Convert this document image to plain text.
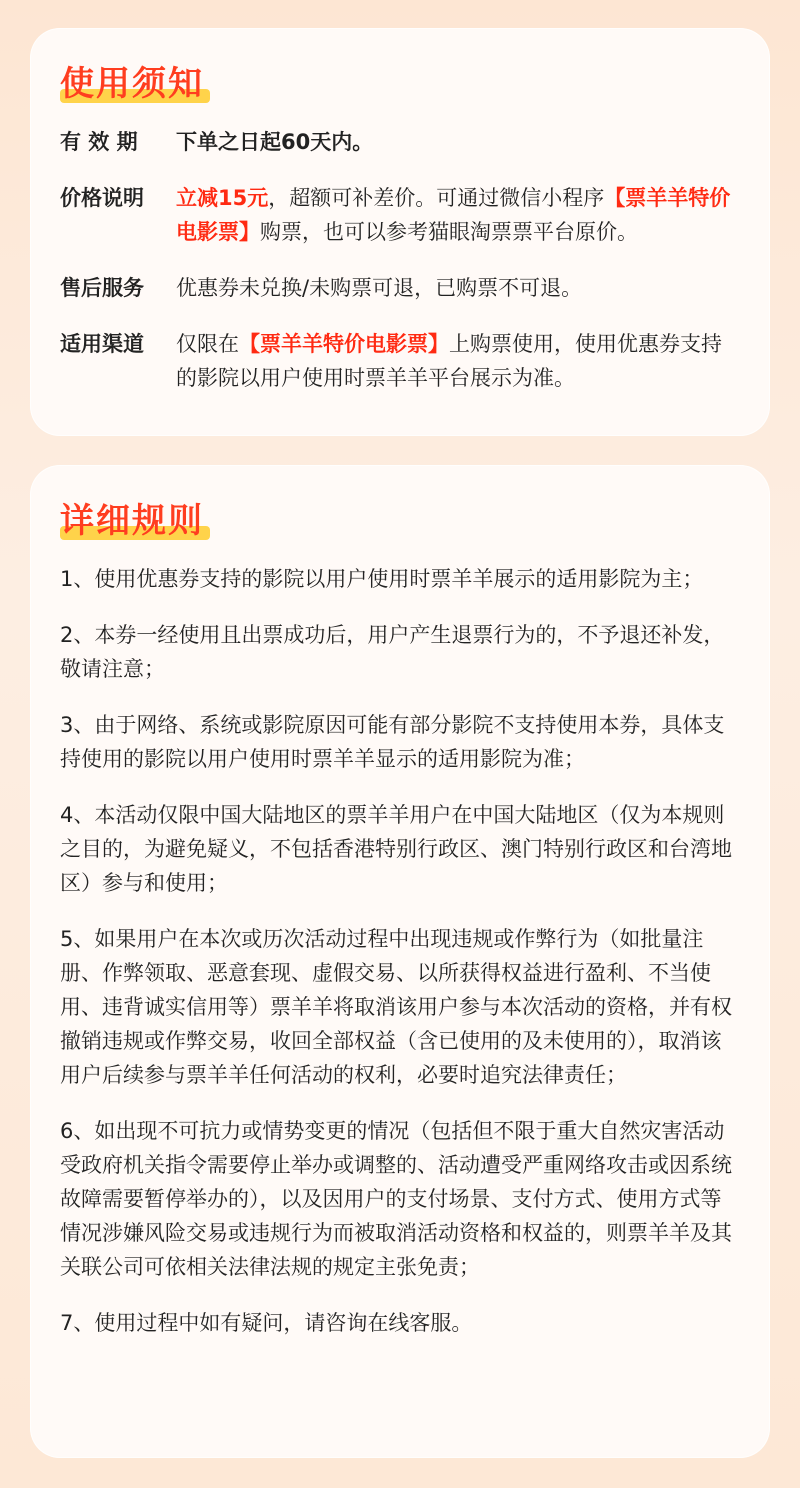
使用须知
有 效 期	下单之日起60天内。
价格说明	立减15元，超额可补差价。可通过微信小程序【票羊羊特价电影票】购票，也可以参考猫眼淘票票平台原价。
售后服务	优惠券未兑换/未购票可退，已购票不可退。
适用渠道	仅限在【票羊羊特价电影票】上购票使用，使用优惠券支持的影院以用户使用时票羊羊平台展示为准。
详细规则
1、使用优惠券支持的影院以用户使用时票羊羊展示的适用影院为主；
2、本券一经使用且出票成功后，用户产生退票行为的，不予退还补发，敬请注意；
3、由于网络、系统或影院原因可能有部分影院不支持使用本券，具体支持使用的影院以用户使用时票羊羊显示的适用影院为准；
4、本活动仅限中国大陆地区的票羊羊用户在中国大陆地区（仅为本规则之目的，为避免疑义，不包括香港特别行政区、澳门特别行政区和台湾地区）参与和使用；
5、如果用户在本次或历次活动过程中出现违规或作弊行为（如批量注册、作弊领取、恶意套现、虚假交易、以所获得权益进行盈利、不当使用、违背诚实信用等）票羊羊将取消该用户参与本次活动的资格，并有权撤销违规或作弊交易，收回全部权益（含已使用的及未使用的），取消该用户后续参与票羊羊任何活动的权利，必要时追究法律责任；
6、如出现不可抗力或情势变更的情况（包括但不限于重大自然灾害活动受政府机关指令需要停止举办或调整的、活动遭受严重网络攻击或因系统故障需要暂停举办的），以及因用户的支付场景、支付方式、使用方式等情况涉嫌风险交易或违规行为而被取消活动资格和权益的，则票羊羊及其关联公司可依相关法律法规的规定主张免责；
7、使用过程中如有疑问，请咨询在线客服。
